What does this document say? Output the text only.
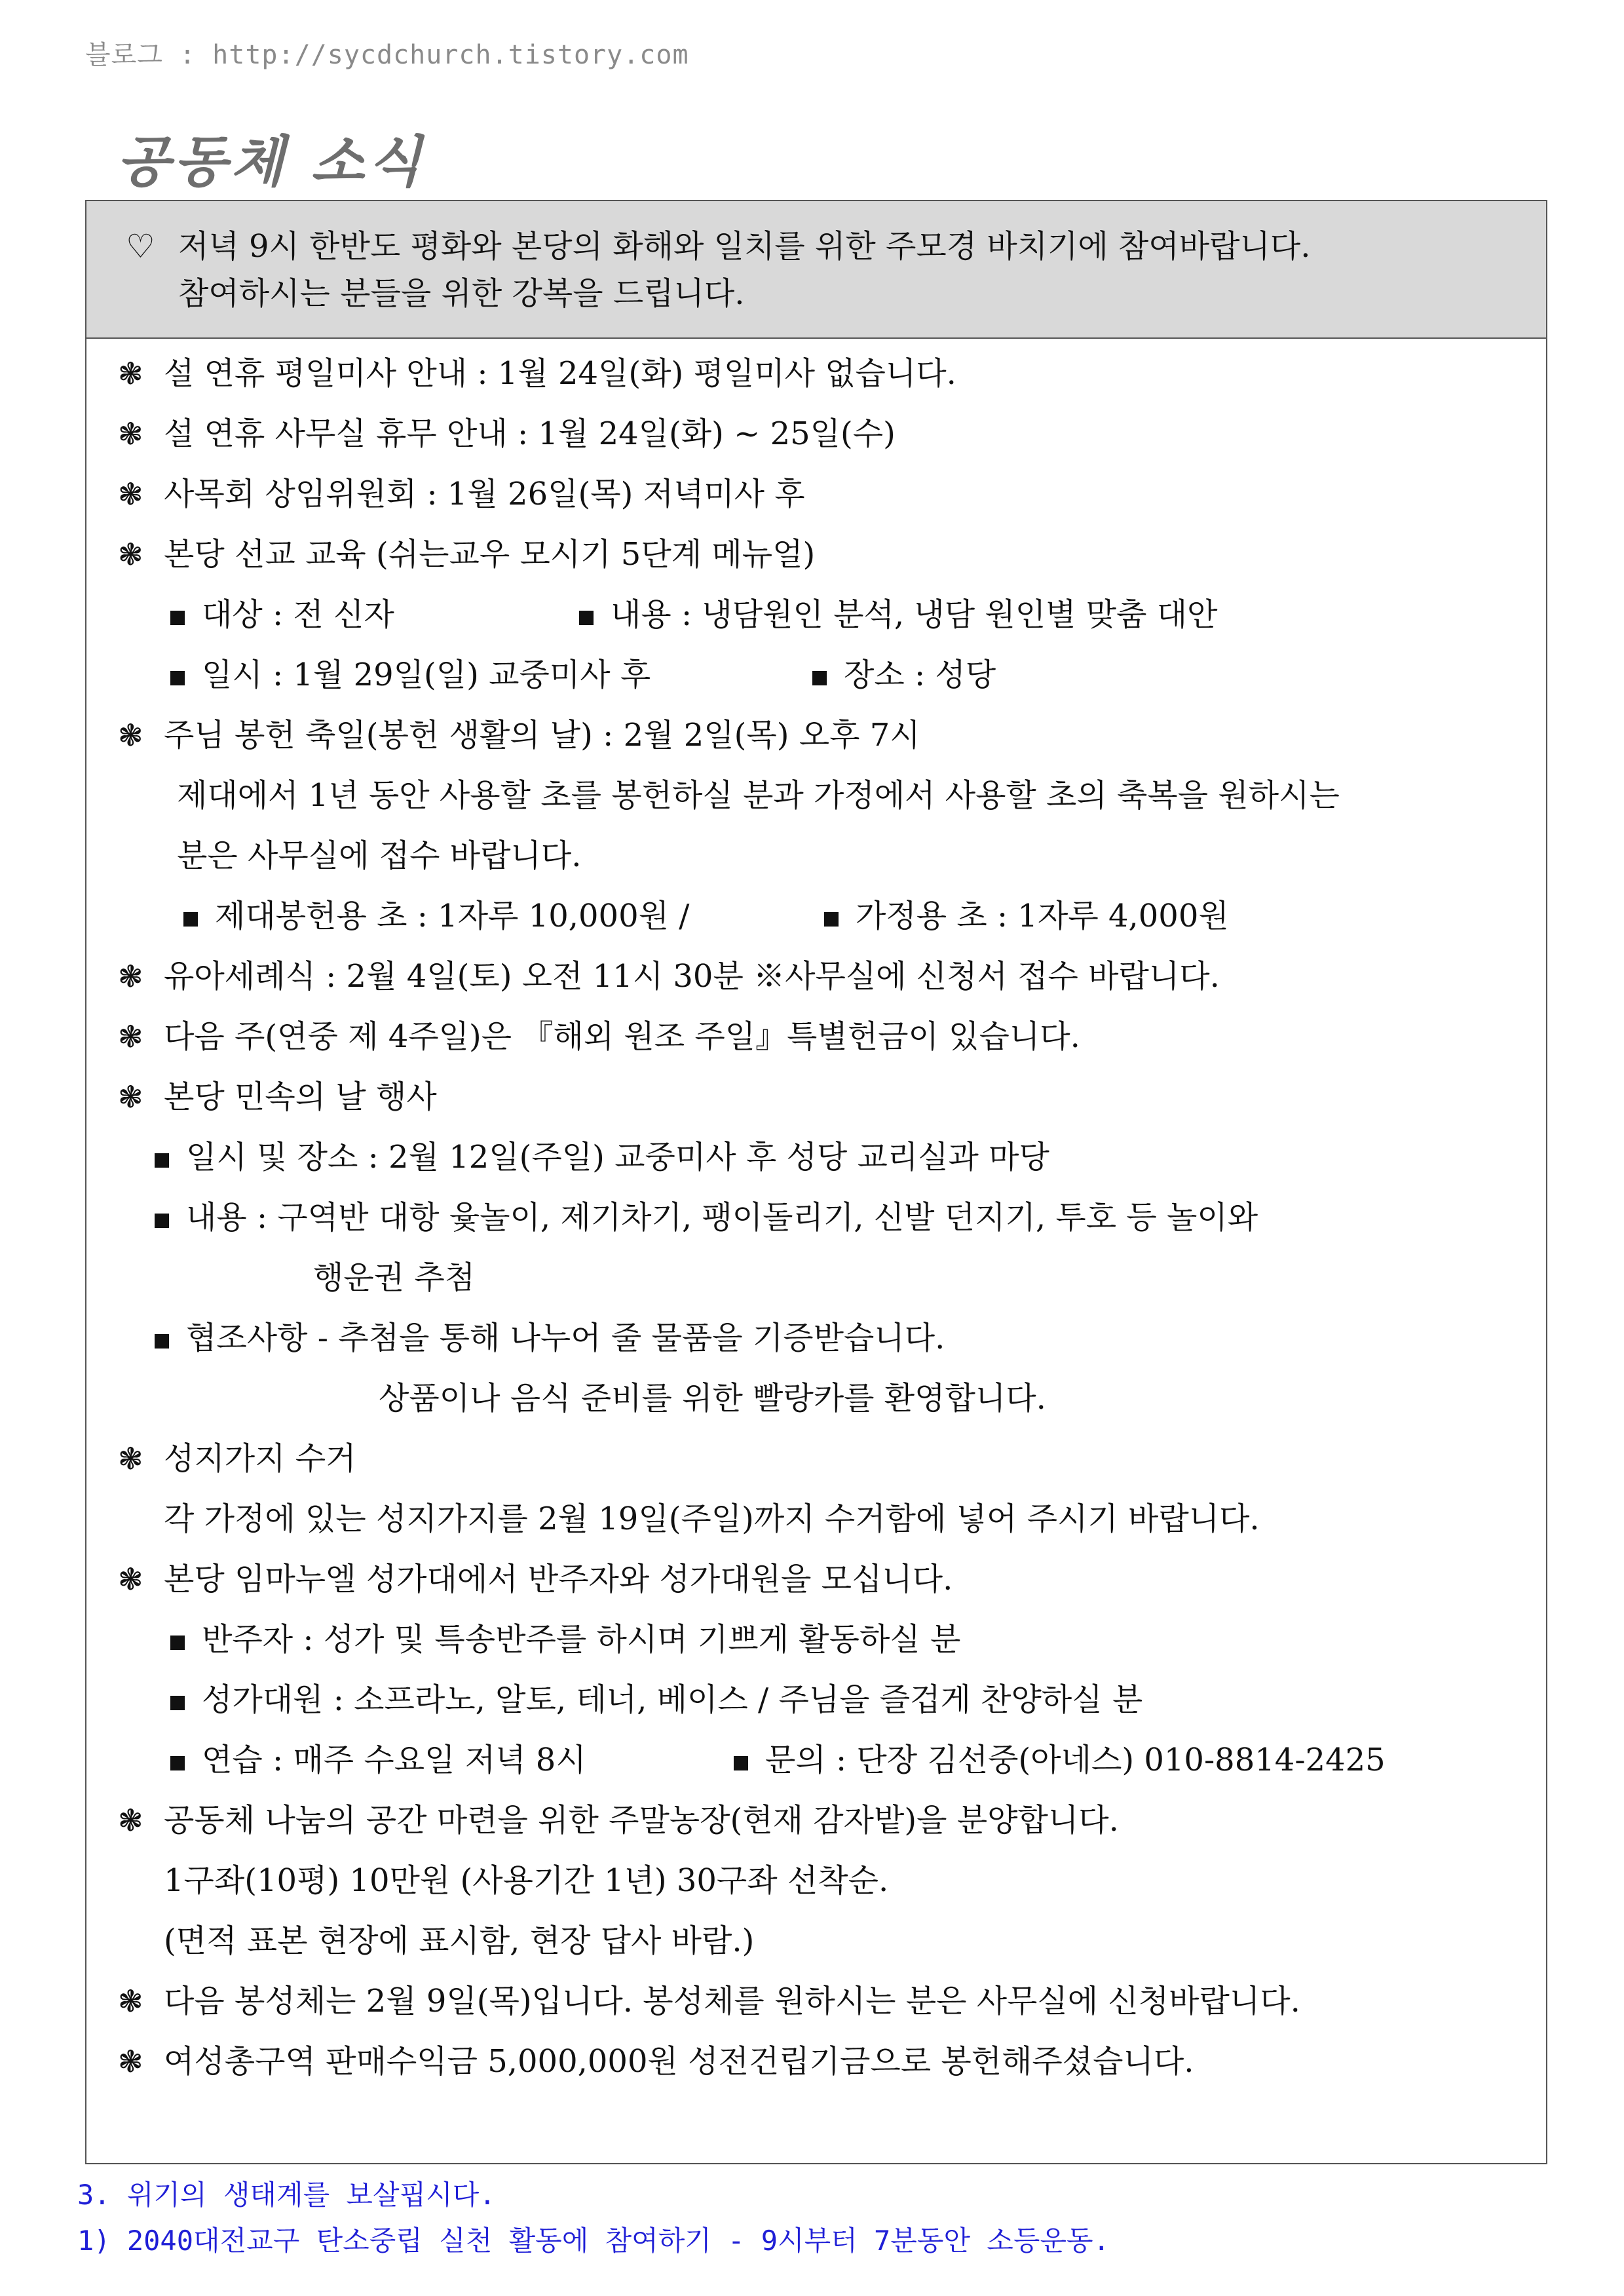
블로그 : http://sycdchurch.tistory.com
공동체 소식
♡ 저녁 9시 한반도 평화와 본당의 화해와 일치를 위한 주모경 바치기에 참여바랍니다.
참여하시는 분들을 위한 강복을 드립니다.
❃ 설 연휴 평일미사 안내 : 1월 24일(화) 평일미사 없습니다.
❃ 설 연휴 사무실 휴무 안내 : 1월 24일(화) ~ 25일(수)
❃ 사목회 상임위원회 : 1월 26일(목) 저녁미사 후
❃ 본당 선교 교육 (쉬는교우 모시기 5단계 메뉴얼)
대상 : 전 신자	내용 : 냉담원인 분석, 냉담 원인별 맞춤 대안
일시 : 1월 29일(일) 교중미사 후	장소 : 성당
❃ 주님 봉헌 축일(봉헌 생활의 날) : 2월 2일(목) 오후 7시
제대에서 1년 동안 사용할 초를 봉헌하실 분과 가정에서 사용할 초의 축복을 원하시는
분은 사무실에 접수 바랍니다.
제대봉헌용 초 : 1자루 10,000원 /	가정용 초 : 1자루 4,000원
❃ 유아세례식 : 2월 4일(토) 오전 11시 30분 ※사무실에 신청서 접수 바랍니다.
❃ 다음 주(연중 제 4주일)은 『해외 원조 주일』특별헌금이 있습니다.
❃ 본당 민속의 날 행사
일시 및 장소 : 2월 12일(주일) 교중미사 후 성당 교리실과 마당
내용 : 구역반 대항 윷놀이, 제기차기, 팽이돌리기, 신발 던지기, 투호 등 놀이와
행운권 추첨
협조사항 - 추첨을 통해 나누어 줄 물품을 기증받습니다.
상품이나 음식 준비를 위한 빨랑카를 환영합니다.
❃ 성지가지 수거
각 가정에 있는 성지가지를 2월 19일(주일)까지 수거함에 넣어 주시기 바랍니다.
❃ 본당 임마누엘 성가대에서 반주자와 성가대원을 모십니다.
반주자 : 성가 및 특송반주를 하시며 기쁘게 활동하실 분
성가대원 : 소프라노, 알토, 테너, 베이스 / 주님을 즐겁게 찬양하실 분
연습 : 매주 수요일 저녁 8시	문의 : 단장 김선중(아네스) 010-8814-2425
❃ 공동체 나눔의 공간 마련을 위한 주말농장(현재 감자밭)을 분양합니다.
1구좌(10평) 10만원 (사용기간 1년) 30구좌 선착순.
(면적 표본 현장에 표시함, 현장 답사 바람.)
❃ 다음 봉성체는 2월 9일(목)입니다. 봉성체를 원하시는 분은 사무실에 신청바랍니다.
❃ 여성총구역 판매수익금 5,000,000원 성전건립기금으로 봉헌해주셨습니다.
3. 위기의 생태계를 보살핍시다.
1) 2040대전교구 탄소중립 실천 활동에 참여하기 - 9시부터 7분동안 소등운동.
